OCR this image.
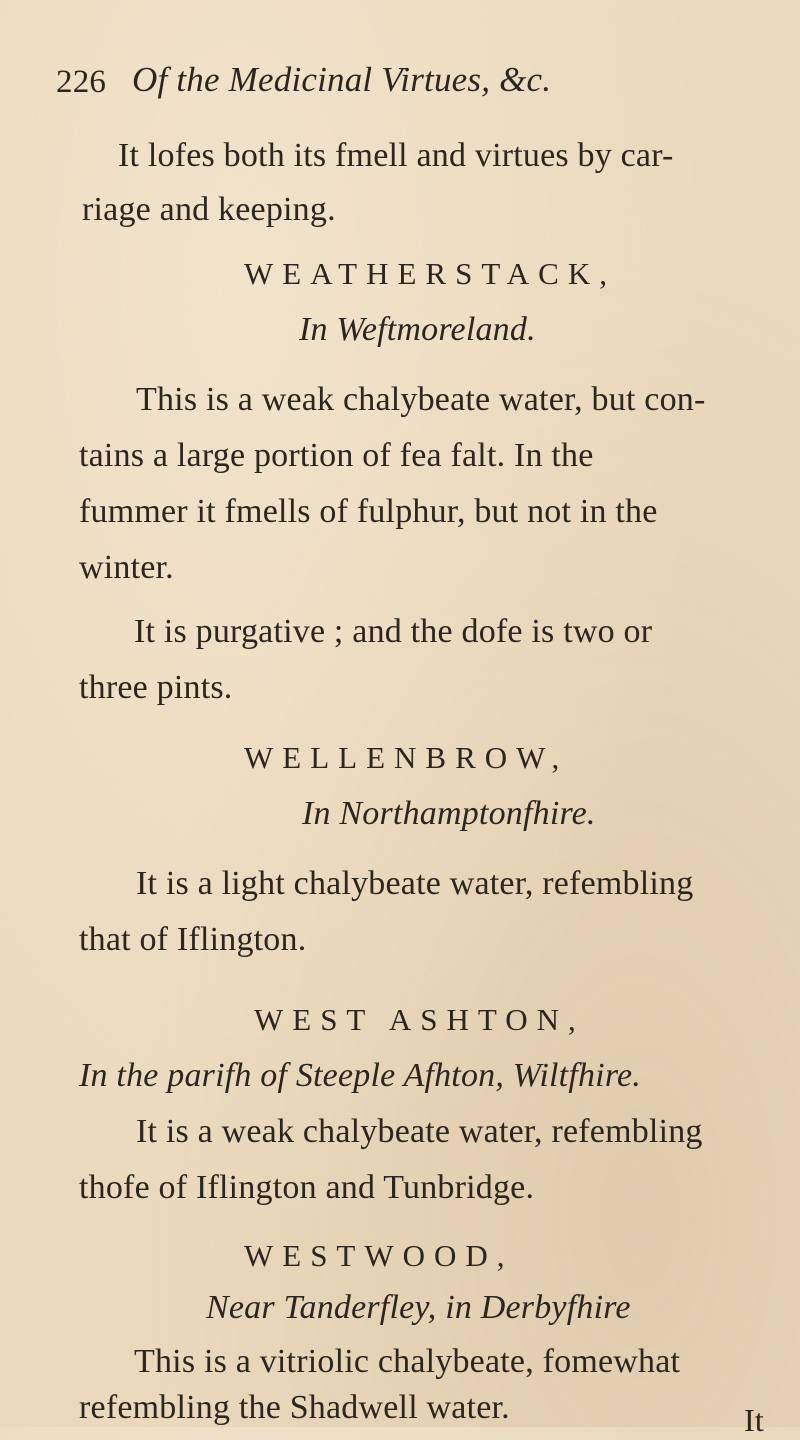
226 Of the Medicinal Virtues, &c.
It lofes both its fmell and virtues by car-
riage and keeping.
WEATHERSTACK,
In Weftmoreland.
This is a weak chalybeate water, but con-
tains a large portion of fea falt. In the
fummer it fmells of fulphur, but not in the
winter.
It is purgative ; and the dofe is two or
three pints.
WELLENBROW,
In Northamptonfhire.
It is a light chalybeate water, refembling
that of Iflington.
WEST ASHTON,
In the parifh of Steeple Afhton, Wiltfhire.
It is a weak chalybeate water, refembling
thofe of Iflington and Tunbridge.
WESTWOOD,
Near Tanderfley, in Derbyfhire
This is a vitriolic chalybeate, fomewhat
refembling the Shadwell water.	It
